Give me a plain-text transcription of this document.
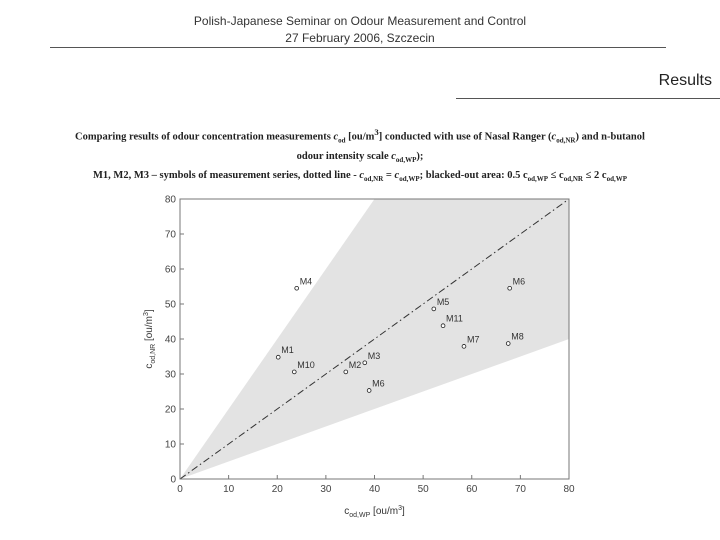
Polish-Japanese Seminar on Odour Measurement and Control
27 February 2006, Szczecin
Results
Comparing results of odour concentration measurements $c_{od}$ $[ou/m^3]$ conducted with use of Nasal Ranger $(c_{od,NR})$ and n-butanol
odour intensity scale $c_{od,WP}$);
M1, M2, M3 – symbols of measurement series, dotted line - $c_{od,NR} = c_{od,WP}$; blacked-out area: 0.5 $c_{od,WP} \le c_{od,NR} \le 2$ $c_{od,WP}$
0	10	20	30	40	50	60	70	80
0
10
20
30
40
50
60
70
80
M1
M10	M2
M3
M4
M5
M6
M6
M7	M8
M11
$c_{od,WP}$ $[ou/m^3]$
$c_{od,NR}$ $[ou/m^3]$
